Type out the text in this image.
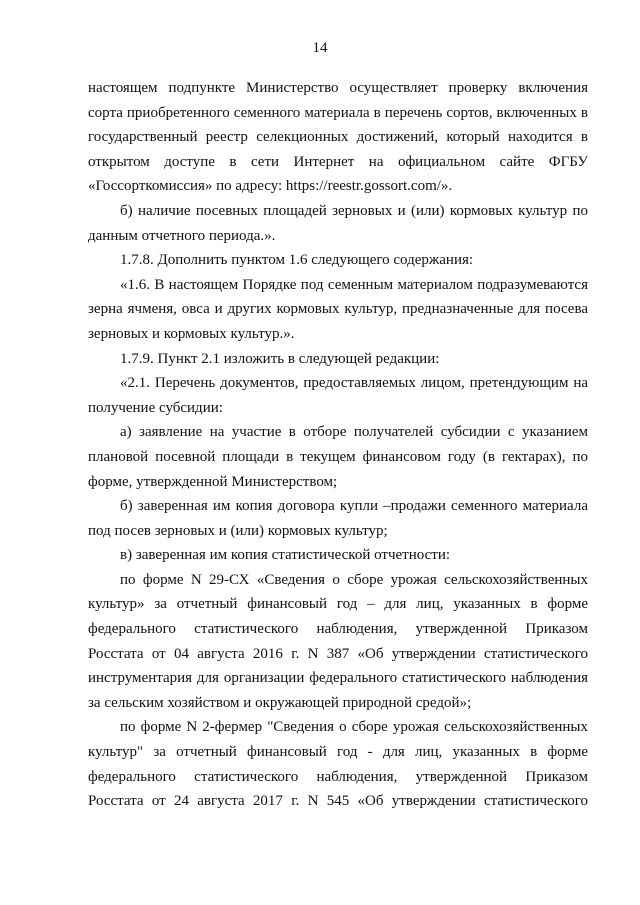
14

настоящем подпункте Министерство осуществляет проверку включения сорта приобретенного семенного материала в перечень сортов, включенных в государственный реестр селекционных достижений, который находится в открытом доступе в сети Интернет на официальном сайте ФГБУ «Госсорткомиссия» по адресу: https://reestr.gossort.com/».

б) наличие посевных площадей зерновых и (или) кормовых культур по данным отчетного периода.».

1.7.8. Дополнить пунктом 1.6 следующего содержания:

«1.6. В настоящем Порядке под семенным материалом подразумеваются зерна ячменя, овса и других кормовых культур, предназначенные для посева зерновых и кормовых культур.».

1.7.9. Пункт 2.1 изложить в следующей редакции:

«2.1. Перечень документов, предоставляемых лицом, претендующим на получение субсидии:

а) заявление на участие в отборе получателей субсидии с указанием плановой посевной площади в текущем финансовом году (в гектарах), по форме, утвержденной Министерством;

б) заверенная им копия договора купли –продажи семенного материала под посев зерновых и (или) кормовых культур;

в) заверенная им копия статистической отчетности:

по форме N 29-СХ «Сведения о сборе урожая сельскохозяйственных культур» за отчетный финансовый год – для лиц, указанных в форме федерального статистического наблюдения, утвержденной Приказом Росстата от 04 августа 2016 г. N 387 «Об утверждении статистического инструментария для организации федерального статистического наблюдения за сельским хозяйством и окружающей природной средой»;

по форме N 2-фермер "Сведения о сборе урожая сельскохозяйственных культур" за отчетный финансовый год - для лиц, указанных в форме федерального статистического наблюдения, утвержденной Приказом Росстата от 24 августа 2017 г. N 545 «Об утверждении статистического
